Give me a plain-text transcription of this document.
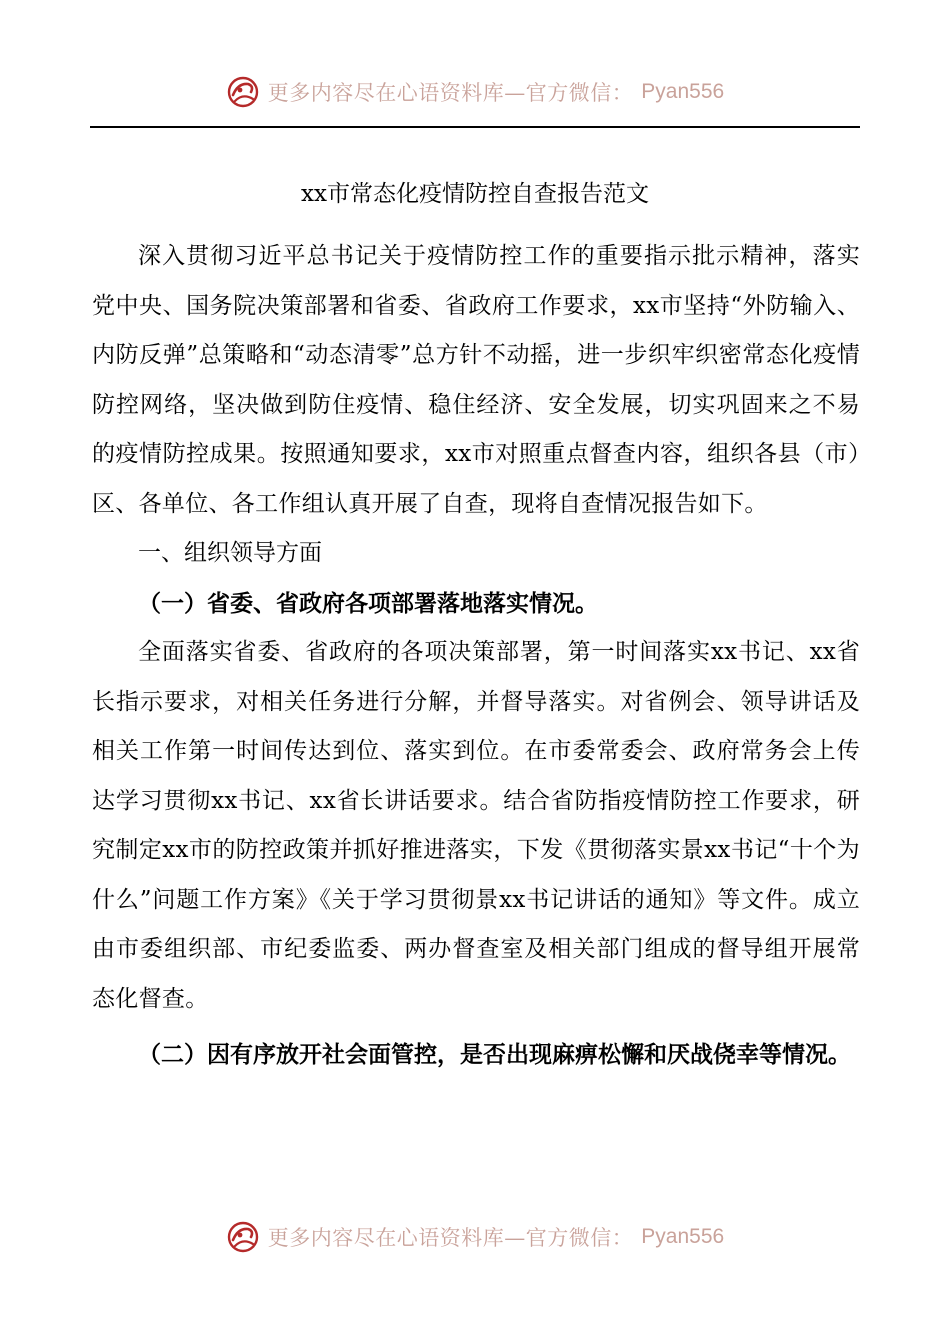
更多内容尽在心语资料库—官方微信： Pyan556
xx市常态化疫情防控自查报告范文

深入贯彻习近平总书记关于疫情防控工作的重要指示批示精神，落实党中央、国务院决策部署和省委、省政府工作要求，xx市坚持“外防输入、内防反弹”总策略和“动态清零”总方针不动摇，进一步织牢织密常态化疫情防控网络，坚决做到防住疫情、稳住经济、安全发展，切实巩固来之不易的疫情防控成果。按照通知要求，xx市对照重点督查内容，组织各县（市）区、各单位、各工作组认真开展了自查，现将自查情况报告如下。

一、组织领导方面

（一）省委、省政府各项部署落地落实情况。

全面落实省委、省政府的各项决策部署，第一时间落实xx书记、xx省长指示要求，对相关任务进行分解，并督导落实。对省例会、领导讲话及相关工作第一时间传达到位、落实到位。在市委常委会、政府常务会上传达学习贯彻xx书记、xx省长讲话要求。结合省防指疫情防控工作要求，研究制定xx市的防控政策并抓好推进落实，下发《贯彻落实景xx书记“十个为什么”问题工作方案》《关于学习贯彻景xx书记讲话的通知》等文件。成立由市委组织部、市纪委监委、两办督查室及相关部门组成的督导组开展常态化督查。

（二）因有序放开社会面管控，是否出现麻痹松懈和厌战侥幸等情况。

更多内容尽在心语资料库—官方微信： Pyan556
